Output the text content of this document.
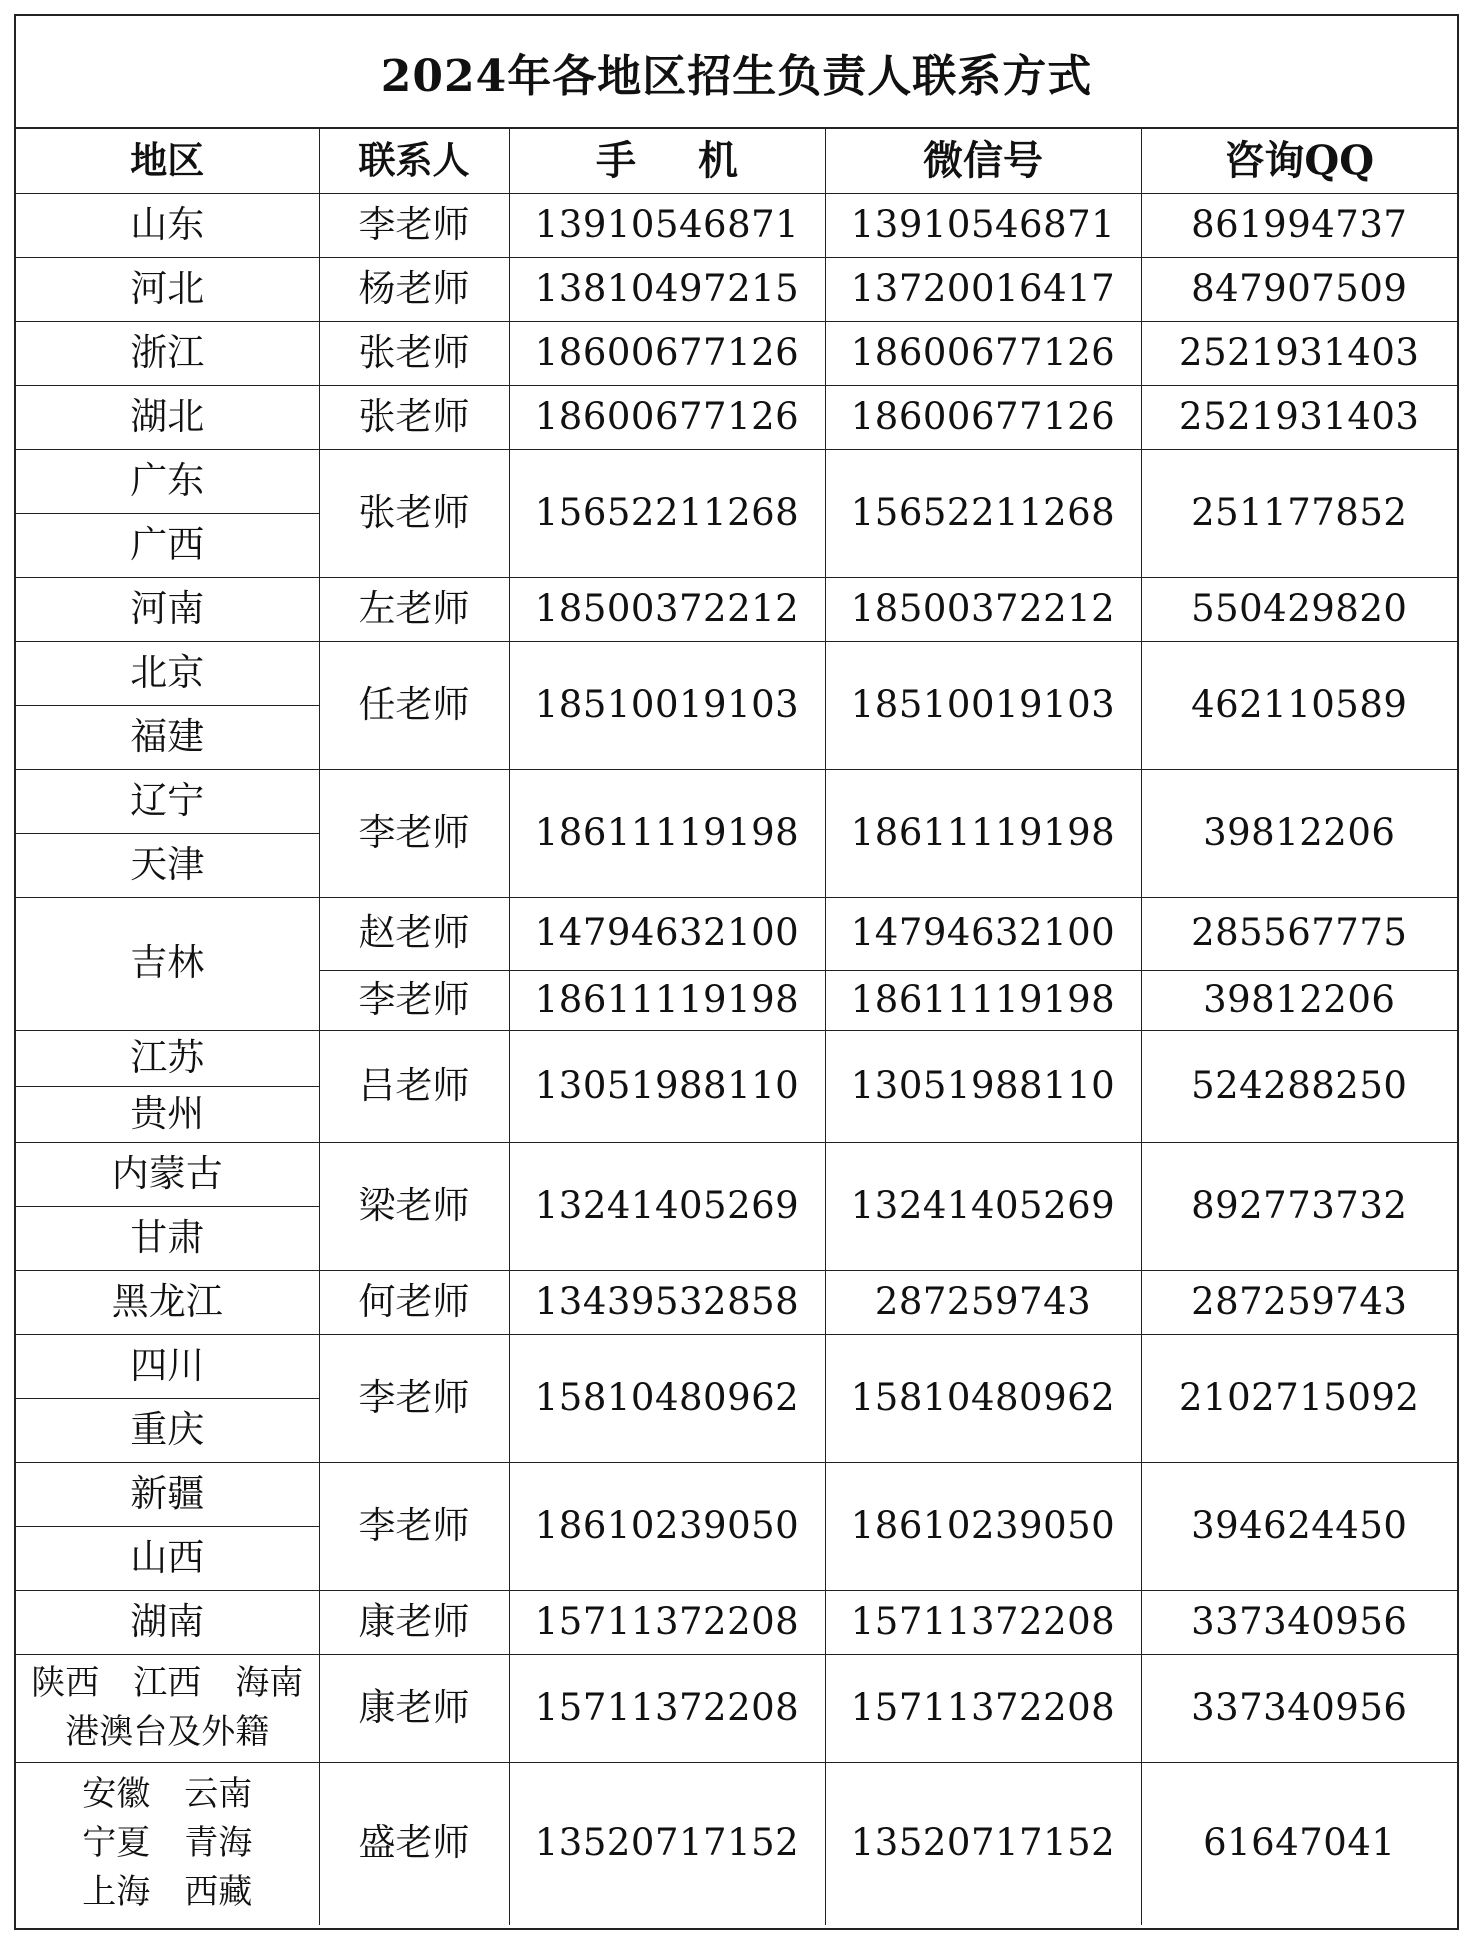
2024年各地区招生负责人联系方式
地区	联系人	手 机	微信号	咨询QQ
山东	李老师	13910546871	13910546871	861994737
河北	杨老师	13810497215	13720016417	847907509
浙江	张老师	18600677126	18600677126	2521931403
湖北	张老师	18600677126	18600677126	2521931403
广东	张老师	15652211268	15652211268	251177852
广西				
河南	左老师	18500372212	18500372212	550429820
北京	任老师	18510019103	18510019103	462110589
福建				
辽宁	李老师	18611119198	18611119198	39812206
天津				
吉林	赵老师	14794632100	14794632100	285567775
	李老师	18611119198	18611119198	39812206
江苏	吕老师	13051988110	13051988110	524288250
贵州				
内蒙古	梁老师	13241405269	13241405269	892773732
甘肃				
黑龙江	何老师	13439532858	287259743	287259743
四川	李老师	15810480962	15810480962	2102715092
重庆				
新疆	李老师	18610239050	18610239050	394624450
山西				
湖南	康老师	15711372208	15711372208	337340956

陕西　江西　海南
港澳台及外籍	康老师	15711372208	15711372208	337340956

安徽　云南
宁夏　青海
上海　西藏	盛老师	13520717152	13520717152	61647041
